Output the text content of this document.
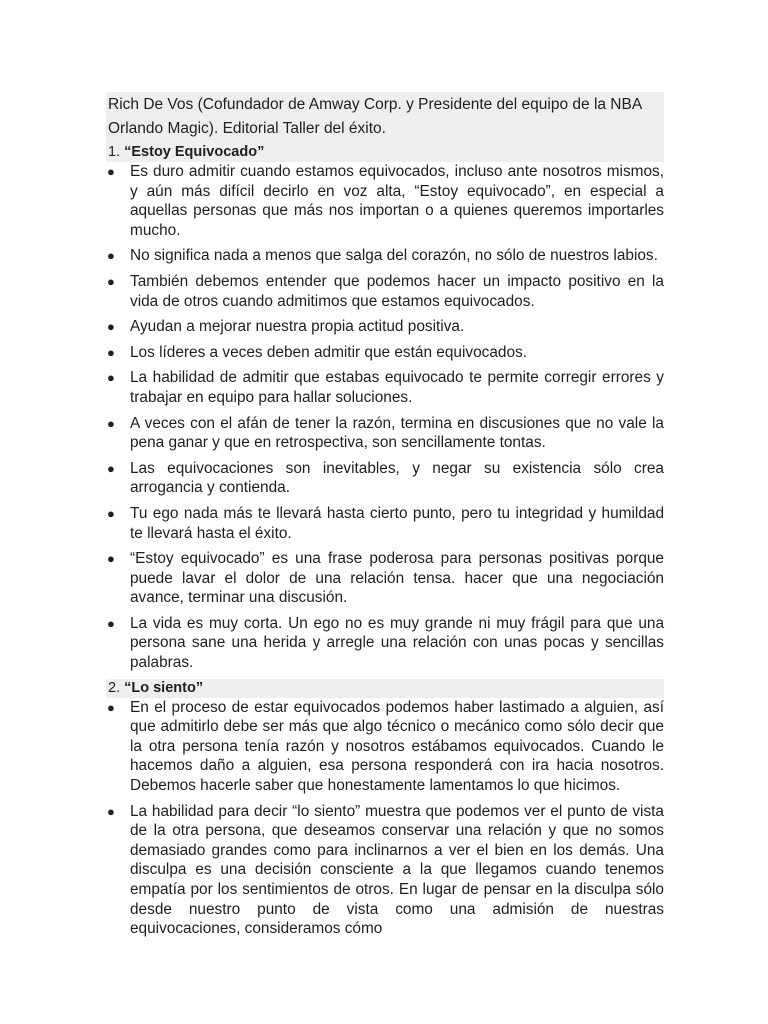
Rich De Vos (Cofundador de Amway Corp. y Presidente del equipo de la NBA Orlando Magic). Editorial Taller del éxito.

1. “Estoy Equivocado”

● Es duro admitir cuando estamos equivocados, incluso ante nosotros mismos, y aún más difícil decirlo en voz alta, “Estoy equivocado”, en especial a aquellas personas que más nos importan o a quienes queremos importarles mucho.
● No significa nada a menos que salga del corazón, no sólo de nuestros labios.
● También debemos entender que podemos hacer un impacto positivo en la vida de otros cuando admitimos que estamos equivocados.
● Ayudan a mejorar nuestra propia actitud positiva.
● Los líderes a veces deben admitir que están equivocados.
● La habilidad de admitir que estabas equivocado te permite corregir errores y trabajar en equipo para hallar soluciones.
● A veces con el afán de tener la razón, termina en discusiones que no vale la pena ganar y que en retrospectiva, son sencillamente tontas.
● Las equivocaciones son inevitables, y negar su existencia sólo crea arrogancia y contienda.
● Tu ego nada más te llevará hasta cierto punto, pero tu integridad y humildad te llevará hasta el éxito.
● “Estoy equivocado” es una frase poderosa para personas positivas porque puede lavar el dolor de una relación tensa. hacer que una negociación avance, terminar una discusión.
● La vida es muy corta. Un ego no es muy grande ni muy frágil para que una persona sane una herida y arregle una relación con unas pocas y sencillas palabras.

2. “Lo siento”

● En el proceso de estar equivocados podemos haber lastimado a alguien, así que admitirlo debe ser más que algo técnico o mecánico como sólo decir que la otra persona tenía razón y nosotros estábamos equivocados. Cuando le hacemos daño a alguien, esa persona responderá con ira hacia nosotros. Debemos hacerle saber que honestamente lamentamos lo que hicimos.
● La habilidad para decir “lo siento” muestra que podemos ver el punto de vista de la otra persona, que deseamos conservar una relación y que no somos demasiado grandes como para inclinarnos a ver el bien en los demás. Una disculpa es una decisión consciente a la que llegamos cuando tenemos empatía por los sentimientos de otros. En lugar de pensar en la disculpa sólo desde nuestro punto de vista como una admisión de nuestras equivocaciones, consideramos cómo
